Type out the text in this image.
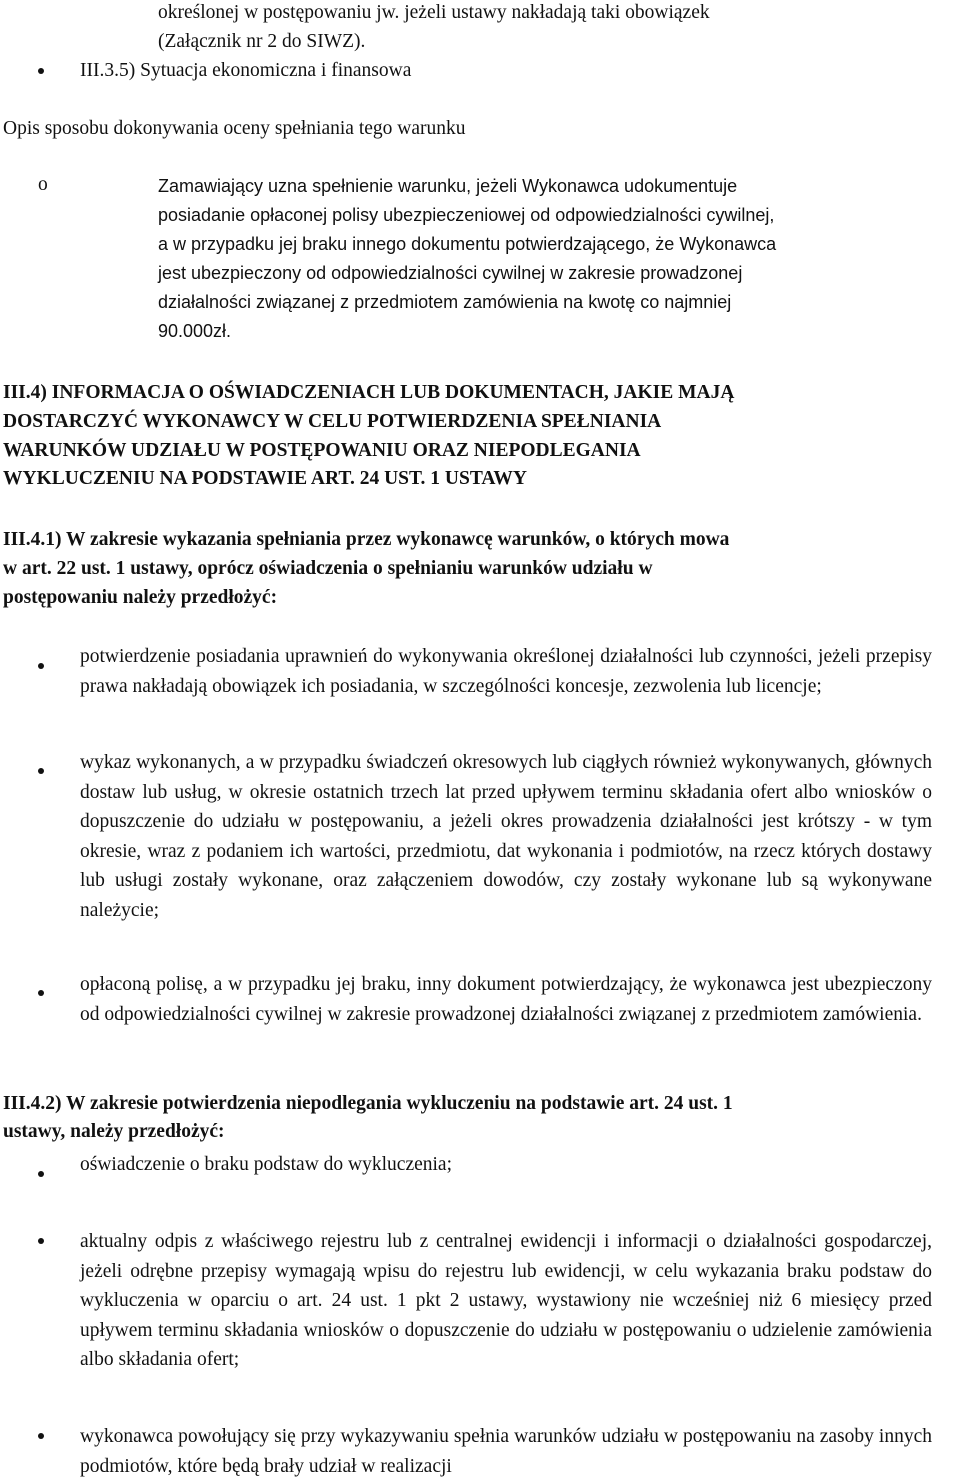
określonej w postępowaniu jw. jeżeli ustawy nakładają taki obowiązek
(Załącznik nr 2 do SIWZ).
III.3.5) Sytuacja ekonomiczna i finansowa
Opis sposobu dokonywania oceny spełniania tego warunku
o	Zamawiający uzna spełnienie warunku, jeżeli Wykonawca udokumentuje
posiadanie opłaconej polisy ubezpieczeniowej od odpowiedzialności cywilnej,
a w przypadku jej braku innego dokumentu potwierdzającego, że Wykonawca
jest ubezpieczony od odpowiedzialności cywilnej w zakresie prowadzonej
działalności związanej z przedmiotem zamówienia na kwotę co najmniej
90.000zł.
III.4) INFORMACJA O OŚWIADCZENIACH LUB DOKUMENTACH, JAKIE MAJĄ
DOSTARCZYĆ WYKONAWCY W CELU POTWIERDZENIA SPEŁNIANIA
WARUNKÓW UDZIAŁU W POSTĘPOWANIU ORAZ NIEPODLEGANIA
WYKLUCZENIU NA PODSTAWIE ART. 24 UST. 1 USTAWY
III.4.1) W zakresie wykazania spełniania przez wykonawcę warunków, o których mowa
w art. 22 ust. 1 ustawy, oprócz oświadczenia o spełnianiu warunków udziału w
postępowaniu należy przedłożyć:
potwierdzenie posiadania uprawnień do wykonywania określonej działalności lub czynności, jeżeli przepisy prawa nakładają obowiązek ich posiadania, w szczególności koncesje, zezwolenia lub licencje;
wykaz wykonanych, a w przypadku świadczeń okresowych lub ciągłych również wykonywanych, głównych dostaw lub usług, w okresie ostatnich trzech lat przed upływem terminu składania ofert albo wniosków o dopuszczenie do udziału w postępowaniu, a jeżeli okres prowadzenia działalności jest krótszy - w tym okresie, wraz z podaniem ich wartości, przedmiotu, dat wykonania i podmiotów, na rzecz których dostawy lub usługi zostały wykonane, oraz załączeniem dowodów, czy zostały wykonane lub są wykonywane należycie;
opłaconą polisę, a w przypadku jej braku, inny dokument potwierdzający, że wykonawca jest ubezpieczony od odpowiedzialności cywilnej w zakresie prowadzonej działalności związanej z przedmiotem zamówienia.
III.4.2) W zakresie potwierdzenia niepodlegania wykluczeniu na podstawie art. 24 ust. 1
ustawy, należy przedłożyć:
oświadczenie o braku podstaw do wykluczenia;
aktualny odpis z właściwego rejestru lub z centralnej ewidencji i informacji o działalności gospodarczej, jeżeli odrębne przepisy wymagają wpisu do rejestru lub ewidencji, w celu wykazania braku podstaw do wykluczenia w oparciu o art. 24 ust. 1 pkt 2 ustawy, wystawiony nie wcześniej niż 6 miesięcy przed upływem terminu składania wniosków o dopuszczenie do udziału w postępowaniu o udzielenie zamówienia albo składania ofert;
wykonawca powołujący się przy wykazywaniu spełnia warunków udziału w postępowaniu na zasoby innych podmiotów, które będą brały udział w realizacji
